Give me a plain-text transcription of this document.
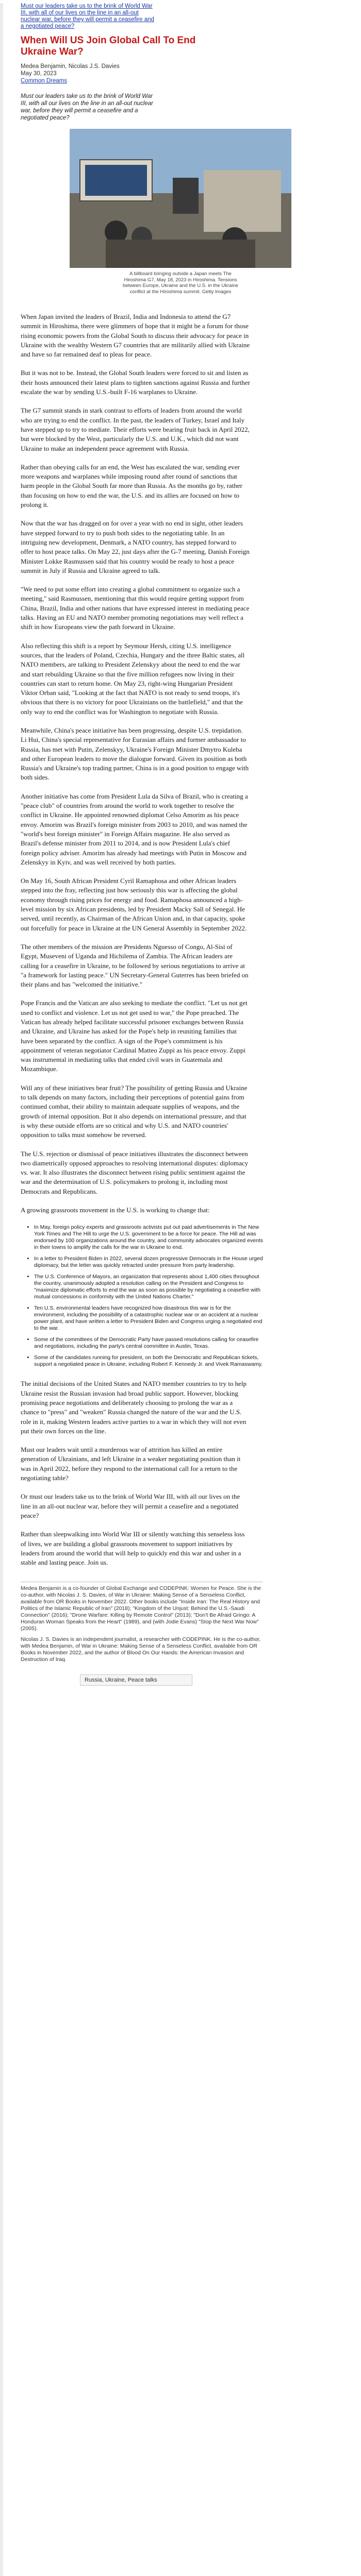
Must our leaders take us to the brink of World War III, with all of our lives on the line in an all-out nuclear war, before they will permit a ceasefire and a negotiated peace?
When Will US Join Global Call To End Ukraine War?
Medea Benjamin, Nicolas J.S. Davies
May 30, 2023
Common Dreams
Must our leaders take us to the brink of World War III, with all our lives on the line in an all-out nuclear war, before they will permit a ceasefire and a negotiated peace?
A billboard bringing outside a Japan meets The Hiroshima G7, May 18, 2023 in Hiroshima. Tensions between Europe, Ukraine and the U.S. in the Ukraine conflict at the Hiroshima summit. Getty Images

When Japan invited the leaders of Brazil, India and Indonesia to attend the G7 summit in Hiroshima, there were glimmers of hope that it might be a forum for those rising economic powers from the Global South to discuss their advocacy for peace in Ukraine with the wealthy Western G7 countries that are militarily allied with Ukraine and have so far remained deaf to pleas for peace.

But it was not to be. Instead, the Global South leaders were forced to sit and listen as their hosts announced their latest plans to tighten sanctions against Russia and further escalate the war by sending U.S.-built F-16 warplanes to Ukraine.

The G7 summit stands in stark contrast to efforts of leaders from around the world who are trying to end the conflict. In the past, the leaders of Turkey, Israel and Italy have stepped up to try to mediate. Their efforts were bearing fruit back in April 2022, but were blocked by the West, particularly the U.S. and U.K., which did not want Ukraine to make an independent peace agreement with Russia.

Rather than obeying calls for an end, the West has escalated the war, sending ever more weapons and warplanes while imposing round after round of sanctions that harm people in the Global South far more than Russia. As the months go by, rather than focusing on how to end the war, the U.S. and its allies are focused on how to prolong it.

Now that the war has dragged on for over a year with no end in sight, other leaders have stepped forward to try to push both sides to the negotiating table. In an intriguing new development, Denmark, a NATO country, has stepped forward to offer to host peace talks. On May 22, just days after the G-7 meeting, Danish Foreign Minister Lokke Rasmussen said that his country would be ready to host a peace summit in July if Russia and Ukraine agreed to talk.

"We need to put some effort into creating a global commitment to organize such a meeting," said Rasmussen, mentioning that this would require getting support from China, Brazil, India and other nations that have expressed interest in mediating peace talks. Having an EU and NATO member promoting negotiations may well reflect a shift in how Europeans view the path forward in Ukraine.

Also reflecting this shift is a report by Seymour Hersh, citing U.S. intelligence sources, that the leaders of Poland, Czechia, Hungary and the three Baltic states, all NATO members, are talking to President Zelenskyy about the need to end the war and start rebuilding Ukraine so that the five million refugees now living in their countries can start to return home. On May 23, right-wing Hungarian President Viktor Orban said, "Looking at the fact that NATO is not ready to send troops, it's obvious that there is no victory for poor Ukrainians on the battlefield," and that the only way to end the conflict was for Washington to negotiate with Russia.

Meanwhile, China's peace initiative has been progressing, despite U.S. trepidation. Li Hui, China's special representative for Eurasian affairs and former ambassador to Russia, has met with Putin, Zelenskyy, Ukraine's Foreign Minister Dmytro Kuleba and other European leaders to move the dialogue forward. Given its position as both Russia's and Ukraine's top trading partner, China is in a good position to engage with both sides.

Another initiative has come from President Lula da Silva of Brazil, who is creating a "peace club" of countries from around the world to work together to resolve the conflict in Ukraine. He appointed renowned diplomat Celso Amorim as his peace envoy. Amorim was Brazil's foreign minister from 2003 to 2010, and was named the "world's best foreign minister" in Foreign Affairs magazine. He also served as Brazil's defense minister from 2011 to 2014, and is now President Lula's chief foreign policy adviser. Amorim has already had meetings with Putin in Moscow and Zelenskyy in Kyiv, and was well received by both parties.

On May 16, South African President Cyril Ramaphosa and other African leaders stepped into the fray, reflecting just how seriously this war is affecting the global economy through rising prices for energy and food. Ramaphosa announced a high-level mission by six African presidents, led by President Macky Sall of Senegal. He served, until recently, as Chairman of the African Union and, in that capacity, spoke out forcefully for peace in Ukraine at the UN General Assembly in September 2022.

The other members of the mission are Presidents Nguesso of Congo, Al-Sisi of Egypt, Museveni of Uganda and Hichilema of Zambia. The African leaders are calling for a ceasefire in Ukraine, to be followed by serious negotiations to arrive at "a framework for lasting peace." UN Secretary-General Guterres has been briefed on their plans and has "welcomed the initiative."

Pope Francis and the Vatican are also seeking to mediate the conflict. "Let us not get used to conflict and violence. Let us not get used to war," the Pope preached. The Vatican has already helped facilitate successful prisoner exchanges between Russia and Ukraine, and Ukraine has asked for the Pope's help in reuniting families that have been separated by the conflict. A sign of the Pope's commitment is his appointment of veteran negotiator Cardinal Matteo Zuppi as his peace envoy. Zuppi was instrumental in mediating talks that ended civil wars in Guatemala and Mozambique.

Will any of these initiatives bear fruit? The possibility of getting Russia and Ukraine to talk depends on many factors, including their perceptions of potential gains from continued combat, their ability to maintain adequate supplies of weapons, and the growth of internal opposition. But it also depends on international pressure, and that is why these outside efforts are so critical and why U.S. and NATO countries' opposition to talks must somehow be reversed.

The U.S. rejection or dismissal of peace initiatives illustrates the disconnect between two diametrically opposed approaches to resolving international disputes: diplomacy vs. war. It also illustrates the disconnect between rising public sentiment against the war and the determination of U.S. policymakers to prolong it, including most Democrats and Republicans.

A growing grassroots movement in the U.S. is working to change that:

• In May, foreign policy experts and grassroots activists put out paid advertisements in The New York Times and The Hill to urge the U.S. government to be a force for peace. The Hill ad was endorsed by 100 organizations around the country, and community advocates organized events in their towns to amplify the calls for the war in Ukraine to end.
• In a letter to President Biden in 2022, several dozen progressive Democrats in the House urged diplomacy, but the letter was quickly retracted under pressure from party leadership.
• The U.S. Conference of Mayors, an organization that represents about 1,400 cities throughout the country, unanimously adopted a resolution calling on the President and Congress to "maximize diplomatic efforts to end the war as soon as possible by negotiating a ceasefire with mutual concessions in conformity with the United Nations Charter."
• Ten U.S. environmental leaders have recognized how disastrous this war is for the environment, including the possibility of a catastrophic nuclear war or an accident at a nuclear power plant, and have written a letter to President Biden and Congress urging a negotiated end to the war.
• Some of the committees of the Democratic Party have passed resolutions calling for ceasefire and negotiations, including the party's central committee in Austin, Texas.
• Some of the candidates running for president, on both the Democratic and Republican tickets, support a negotiated peace in Ukraine, including Robert F. Kennedy Jr. and Vivek Ramaswamy.

The initial decisions of the United States and NATO member countries to try to help Ukraine resist the Russian invasion had broad public support. However, blocking promising peace negotiations and deliberately choosing to prolong the war as a chance to "press" and "weaken" Russia changed the nature of the war and the U.S. role in it, making Western leaders active parties to a war in which they will not even put their own forces on the line.

Must our leaders wait until a murderous war of attrition has killed an entire generation of Ukrainians, and left Ukraine in a weaker negotiating position than it was in April 2022, before they respond to the international call for a return to the negotiating table?

Or must our leaders take us to the brink of World War III, with all our lives on the line in an all-out nuclear war, before they will permit a ceasefire and a negotiated peace?

Rather than sleepwalking into World War III or silently watching this senseless loss of lives, we are building a global grassroots movement to support initiatives by leaders from around the world that will help to quickly end this war and usher in a stable and lasting peace. Join us.

Medea Benjamin is a co-founder of Global Exchange and CODEPINK: Women for Peace. She is the co-author, with Nicolas J. S. Davies, of War in Ukraine: Making Sense of a Senseless Conflict, available from OR Books in November 2022. Other books include "Inside Iran: The Real History and Politics of the Islamic Republic of Iran" (2018); "Kingdom of the Unjust: Behind the U.S.-Saudi Connection" (2016); "Drone Warfare: Killing by Remote Control" (2013); "Don't Be Afraid Gringo: A Honduran Woman Speaks from the Heart" (1989), and (with Jodie Evans) "Stop the Next War Now" (2005).

Nicolas J. S. Davies is an independent journalist, a researcher with CODEPINK. He is the co-author, with Medea Benjamin, of War in Ukraine: Making Sense of a Senseless Conflict, available from OR Books in November 2022, and the author of Blood On Our Hands: the American Invasion and Destruction of Iraq.

Russia, Ukraine, Peace talks
